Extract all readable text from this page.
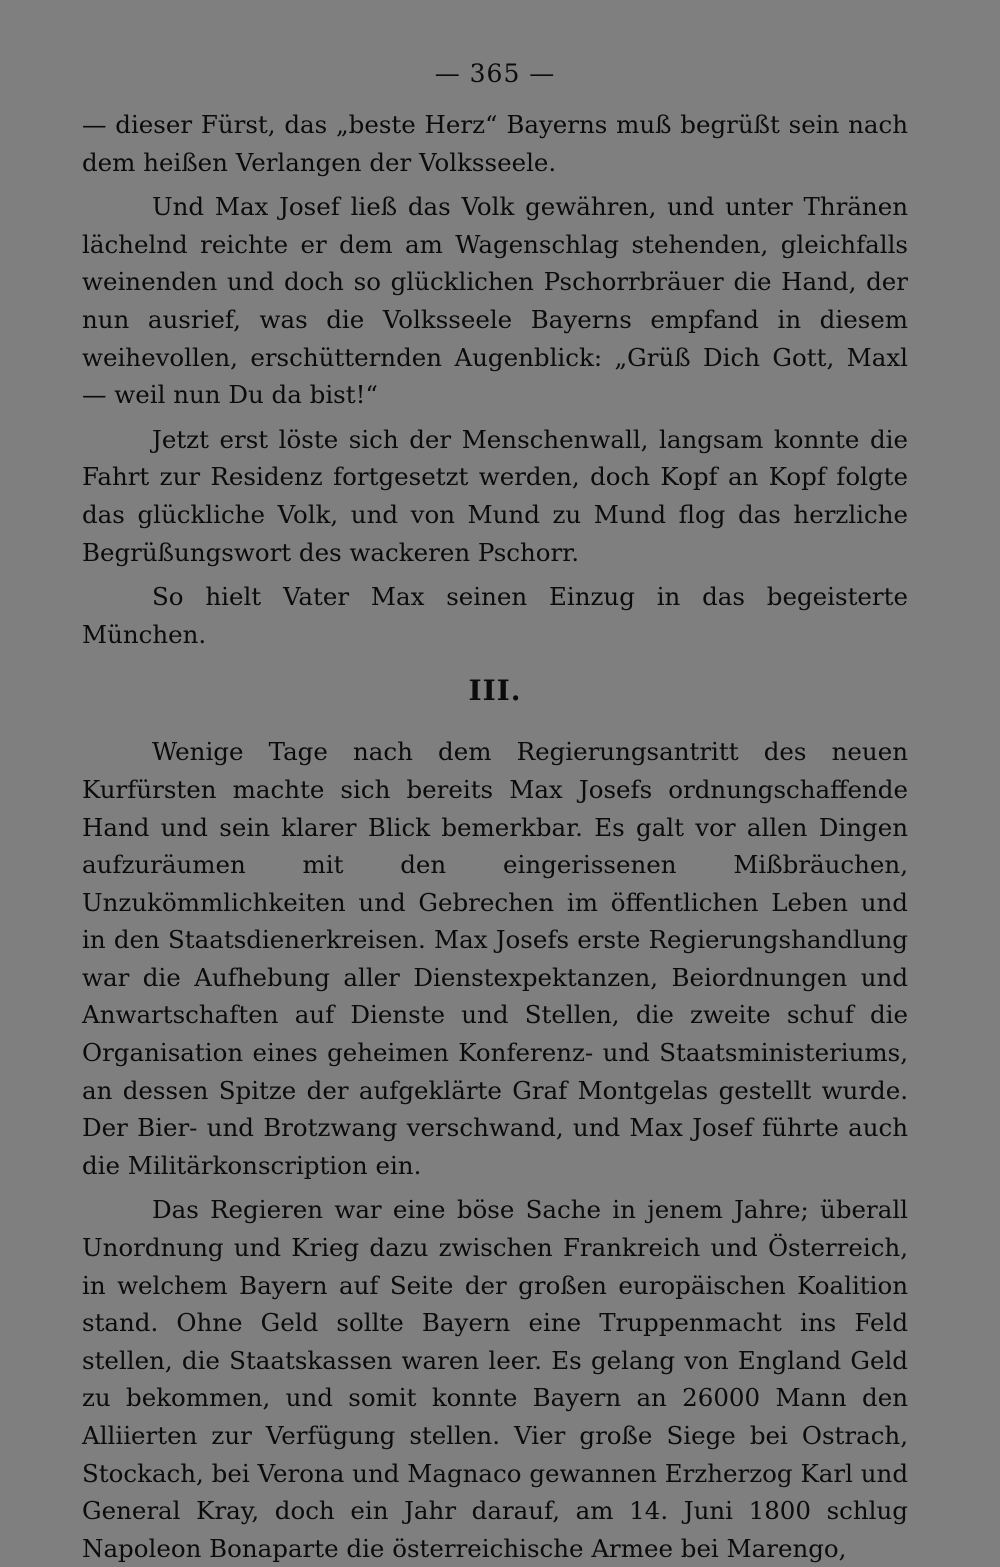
— 365 —

— dieser Fürst, das „beste Herz“ Bayerns muß begrüßt sein nach dem heißen Verlangen der Volksseele.

Und Max Josef ließ das Volk gewähren, und unter Thränen lächelnd reichte er dem am Wagenschlag stehenden, gleichfalls weinenden und doch so glücklichen Pschorrbräuer die Hand, der nun ausrief, was die Volksseele Bayerns empfand in diesem weihevollen, erschütternden Augenblick: „Grüß Dich Gott, Maxl — weil nun Du da bist!“

Jetzt erst löste sich der Menschenwall, langsam konnte die Fahrt zur Residenz fortgesetzt werden, doch Kopf an Kopf folgte das glückliche Volk, und von Mund zu Mund flog das herzliche Begrüßungswort des wackeren Pschorr.

So hielt Vater Max seinen Einzug in das begeisterte München.

III.

Wenige Tage nach dem Regierungsantritt des neuen Kurfürsten machte sich bereits Max Josefs ordnungschaffende Hand und sein klarer Blick bemerkbar. Es galt vor allen Dingen aufzuräumen mit den eingerissenen Mißbräuchen, Unzukömmlichkeiten und Gebrechen im öffentlichen Leben und in den Staatsdienerkreisen. Max Josefs erste Regierungshandlung war die Aufhebung aller Dienstexpektanzen, Beiordnungen und Anwartschaften auf Dienste und Stellen, die zweite schuf die Organisation eines geheimen Konferenz- und Staatsministeriums, an dessen Spitze der aufgeklärte Graf Montgelas gestellt wurde. Der Bier- und Brotzwang verschwand, und Max Josef führte auch die Militärkonscription ein.

Das Regieren war eine böse Sache in jenem Jahre; überall Unordnung und Krieg dazu zwischen Frankreich und Österreich, in welchem Bayern auf Seite der großen europäischen Koalition stand. Ohne Geld sollte Bayern eine Truppenmacht ins Feld stellen, die Staatskassen waren leer. Es gelang von England Geld zu bekommen, und somit konnte Bayern an 26000 Mann den Alliierten zur Verfügung stellen. Vier große Siege bei Ostrach, Stockach, bei Verona und Magnaco gewannen Erzherzog Karl und General Kray, doch ein Jahr darauf, am 14. Juni 1800 schlug Napoleon Bonaparte die österreichische Armee bei Marengo,
